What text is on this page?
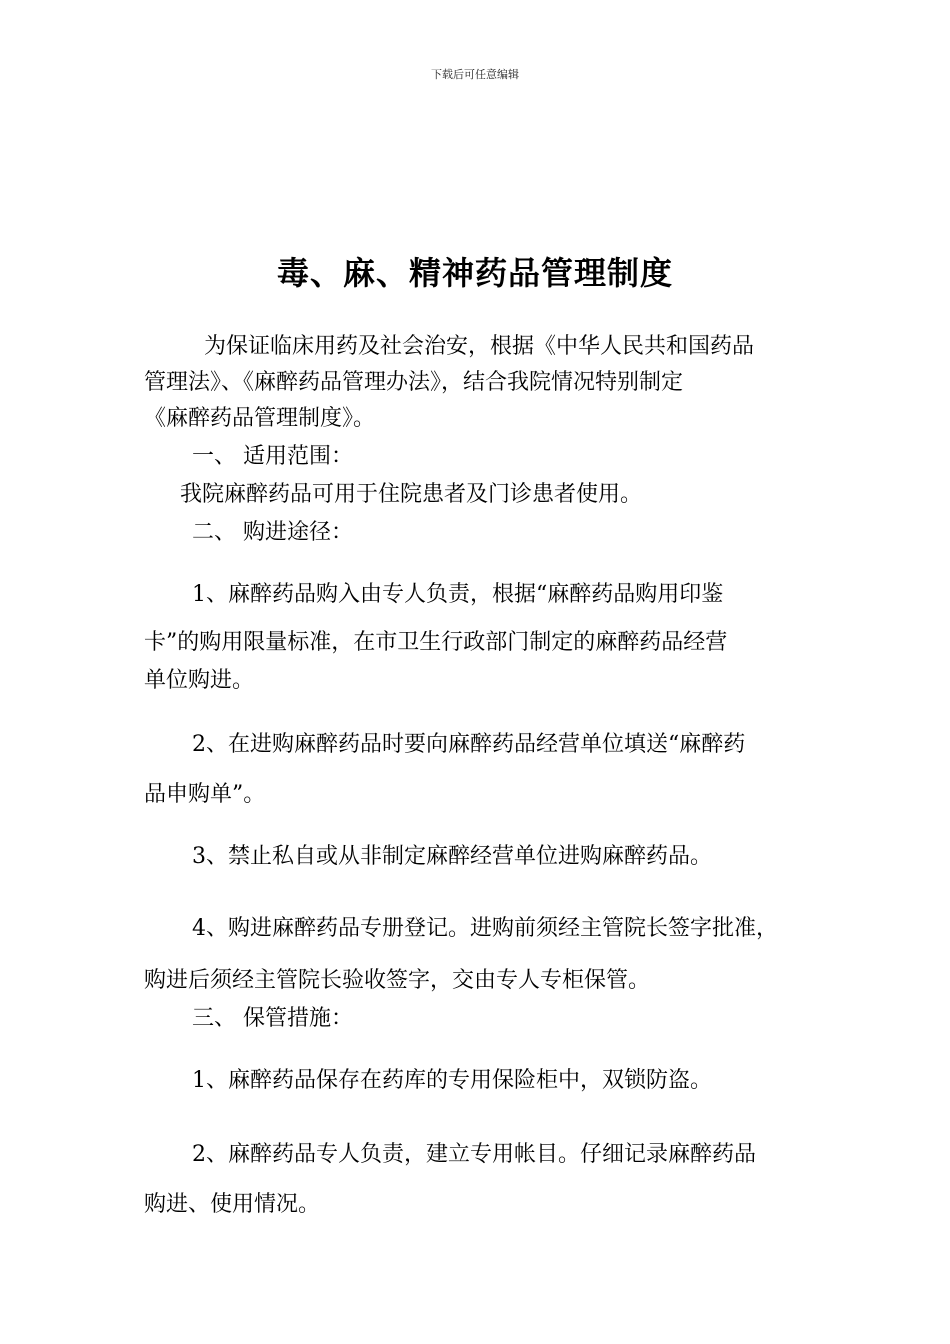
下载后可任意编辑
毒、麻、精神药品管理制度
为保证临床用药及社会治安，根据《中华人民共和国药品
管理法》、《麻醉药品管理办法》，结合我院情况特别制定
《麻醉药品管理制度》。
一、 适用范围：
我院麻醉药品可用于住院患者及门诊患者使用。
二、 购进途径：
1、麻醉药品购入由专人负责，根据“麻醉药品购用印鉴
卡”的购用限量标准，在市卫生行政部门制定的麻醉药品经营
单位购进。
2、在进购麻醉药品时要向麻醉药品经营单位填送“麻醉药
品申购单”。
3、禁止私自或从非制定麻醉经营单位进购麻醉药品。
4、购进麻醉药品专册登记。进购前须经主管院长签字批准，
购进后须经主管院长验收签字，交由专人专柜保管。
三、 保管措施：
1、麻醉药品保存在药库的专用保险柜中，双锁防盗。
2、麻醉药品专人负责，建立专用帐目。仔细记录麻醉药品
购进、使用情况。
